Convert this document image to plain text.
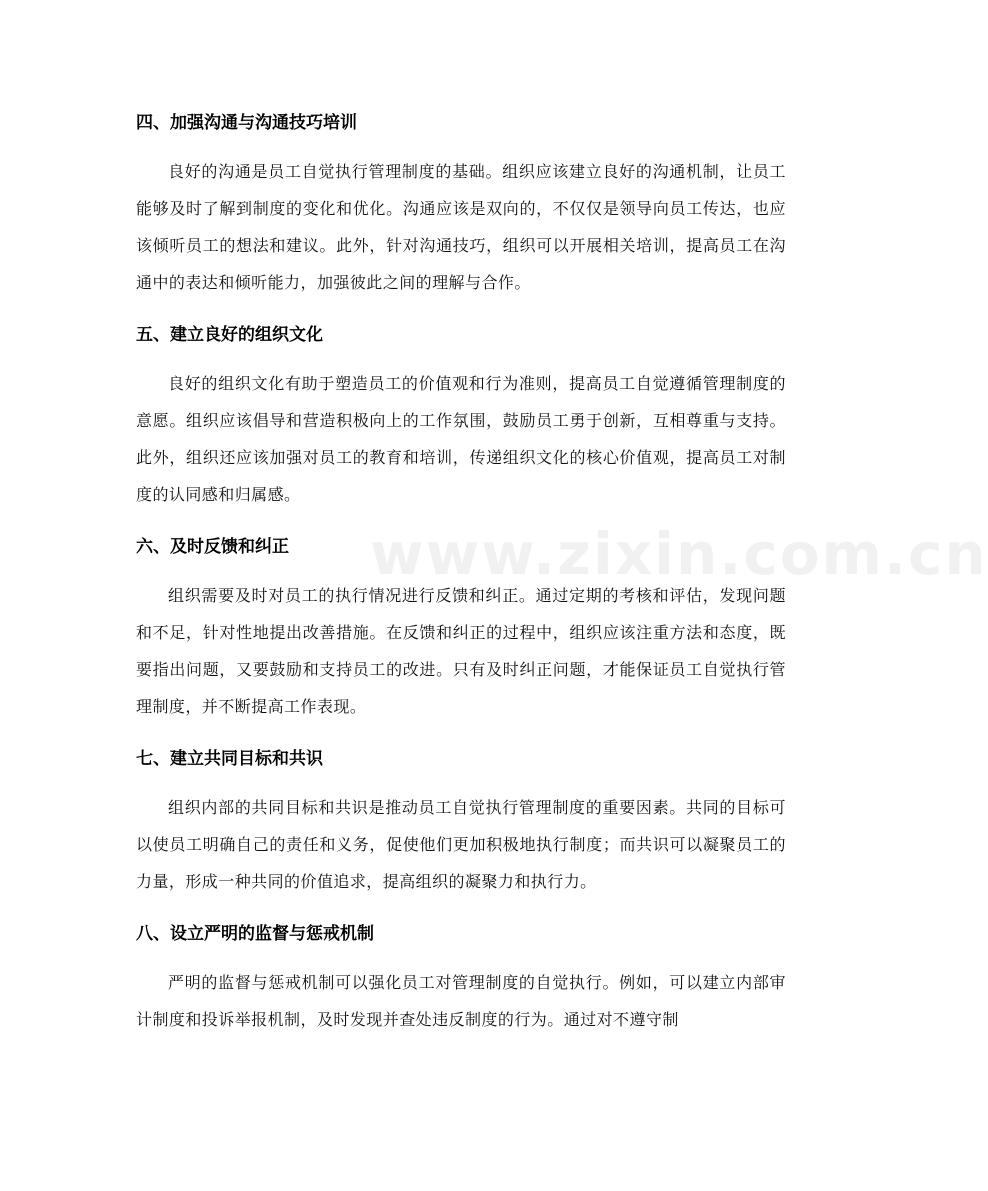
www.zixin.com.cn
四、加强沟通与沟通技巧培训

良好的沟通是员工自觉执行管理制度的基础。组织应该建立良好的沟通机制，让员工能够及时了解到制度的变化和优化。沟通应该是双向的，不仅仅是领导向员工传达，也应该倾听员工的想法和建议。此外，针对沟通技巧，组织可以开展相关培训，提高员工在沟通中的表达和倾听能力，加强彼此之间的理解与合作。

五、建立良好的组织文化

良好的组织文化有助于塑造员工的价值观和行为准则，提高员工自觉遵循管理制度的意愿。组织应该倡导和营造积极向上的工作氛围，鼓励员工勇于创新，互相尊重与支持。此外，组织还应该加强对员工的教育和培训，传递组织文化的核心价值观，提高员工对制度的认同感和归属感。

六、及时反馈和纠正

组织需要及时对员工的执行情况进行反馈和纠正。通过定期的考核和评估，发现问题和不足，针对性地提出改善措施。在反馈和纠正的过程中，组织应该注重方法和态度，既要指出问题，又要鼓励和支持员工的改进。只有及时纠正问题，才能保证员工自觉执行管理制度，并不断提高工作表现。

七、建立共同目标和共识

组织内部的共同目标和共识是推动员工自觉执行管理制度的重要因素。共同的目标可以使员工明确自己的责任和义务，促使他们更加积极地执行制度；而共识可以凝聚员工的力量，形成一种共同的价值追求，提高组织的凝聚力和执行力。

八、设立严明的监督与惩戒机制

严明的监督与惩戒机制可以强化员工对管理制度的自觉执行。例如，可以建立内部审计制度和投诉举报机制，及时发现并查处违反制度的行为。通过对不遵守制
